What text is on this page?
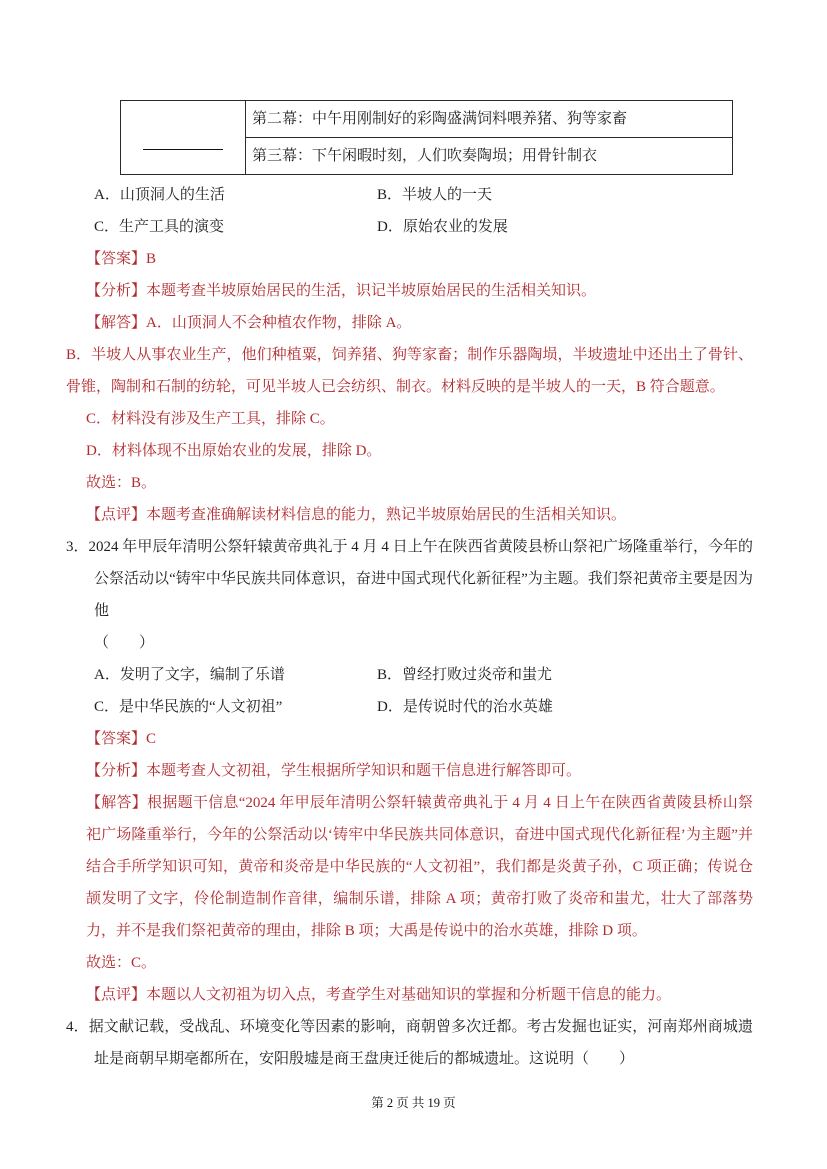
	第二幕：中午用刚制好的彩陶盛满饲料喂养猪、狗等家畜
第三幕：下午闲暇时刻，人们吹奏陶埙；用骨针制衣
A．山顶洞人的生活	B．半坡人的一天
C．生产工具的演变	D．原始农业的发展

【答案】B

【分析】本题考查半坡原始居民的生活，识记半坡原始居民的生活相关知识。

【解答】A．山顶洞人不会种植农作物，排除 A。

B．半坡人从事农业生产，他们种植粟，饲养猪、狗等家畜；制作乐器陶埙，半坡遗址中还出土了骨针、骨锥，陶制和石制的纺轮，可见半坡人已会纺织、制衣。材料反映的是半坡人的一天，B 符合题意。

C．材料没有涉及生产工具，排除 C。

D．材料体现不出原始农业的发展，排除 D。

故选：B。

【点评】本题考查准确解读材料信息的能力，熟记半坡原始居民的生活相关知识。

3．2024 年甲辰年清明公祭轩辕黄帝典礼于 4 月 4 日上午在陕西省黄陵县桥山祭祀广场隆重举行，今年的公祭活动以“铸牢中华民族共同体意识，奋进中国式现代化新征程”为主题。我们祭祀黄帝主要是因为他

（　　）

A．发明了文字，编制了乐谱	B．曾经打败过炎帝和蚩尤
C．是中华民族的“人文初祖”	D．是传说时代的治水英雄

【答案】C

【分析】本题考查人文初祖，学生根据所学知识和题干信息进行解答即可。

【解答】根据题干信息“2024 年甲辰年清明公祭轩辕黄帝典礼于 4 月 4 日上午在陕西省黄陵县桥山祭祀广场隆重举行，今年的公祭活动以‘铸牢中华民族共同体意识，奋进中国式现代化新征程’为主题”并结合手所学知识可知，黄帝和炎帝是中华民族的“人文初祖”，我们都是炎黄子孙，C 项正确；传说仓颉发明了文字，伶伦制造制作音律，编制乐谱，排除 A 项；黄帝打败了炎帝和蚩尤，壮大了部落势力，并不是我们祭祀黄帝的理由，排除 B 项；大禹是传说中的治水英雄，排除 D 项。

故选：C。

【点评】本题以人文初祖为切入点，考查学生对基础知识的掌握和分析题干信息的能力。

4．据文献记载，受战乱、环境变化等因素的影响，商朝曾多次迁都。考古发掘也证实，河南郑州商城遗址是商朝早期亳都所在，安阳殷墟是商王盘庚迁徙后的都城遗址。这说明（　　）

第 2 页 共 19 页
